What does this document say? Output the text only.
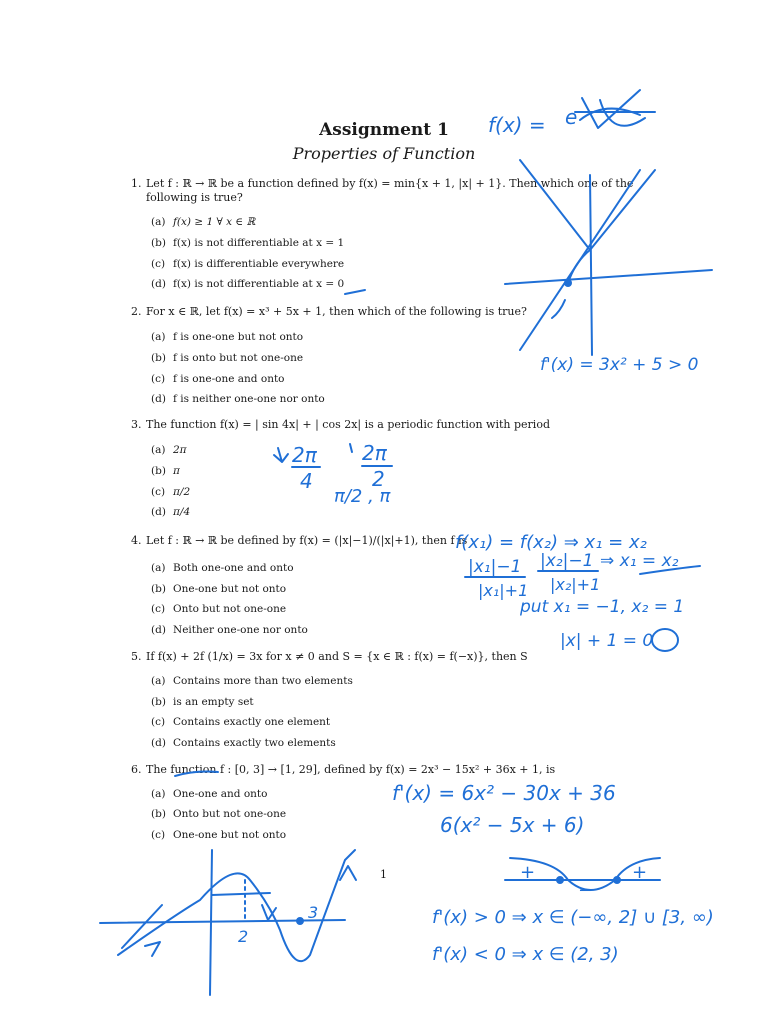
Assignment 1
Properties of Function
1. Let f : ℝ → ℝ be a function defined by f(x) = min{x + 1, |x| + 1}. Then which one of the
following is true?
(a) f(x) ≥ 1 ∀ x ∈ ℝ
(b) f(x) is not differentiable at x = 1
(c) f(x) is differentiable everywhere
(d) f(x) is not differentiable at x = 0
2. For x ∈ ℝ, let f(x) = x³ + 5x + 1, then which of the following is true?
(a) f is one-one but not onto
(b) f is onto but not one-one
(c) f is one-one and onto
(d) f is neither one-one nor onto
3. The function f(x) = | sin 4x| + | cos 2x| is a periodic function with period
(a) 2π
(b) π
(c) π/2
(d) π/4
4. Let f : ℝ → ℝ be defined by f(x) = (|x|−1)/(|x|+1), then f is
(a) Both one-one and onto
(b) One-one but not onto
(c) Onto but not one-one
(d) Neither one-one nor onto
5. If f(x) + 2f (1/x) = 3x for x ≠ 0 and S = {x ∈ ℝ : f(x) = f(−x)}, then S
(a) Contains more than two elements
(b) is an empty set
(c) Contains exactly one element
(d) Contains exactly two elements
6. The function f : [0, 3] → [1, 29], defined by f(x) = 2x³ − 15x² + 36x + 1, is
(a) One-one and onto
(b) Onto but not one-one
(c) One-one but not onto
1
f(x) = e
f'(x) = 3x² + 5 > 0
2π
4
2π
2
π/2 , π
f(x₁) = f(x₂) ⇒ x₁ = x₂
|x₁|−1 |x₂|−1 ⇒ x₁ = x₂
|x₁|+1 |x₂|+1
put x₁ = −1, x₂ = 1
|x| + 1 = 0
f'(x) = 6x² − 30x + 36
6(x² − 5x + 6)
+
−
+
f'(x) > 0 ⇒ x ∈ (−∞, 2] ∪ [3, ∞)
f'(x) < 0 ⇒ x ∈ (2, 3)
2
3
